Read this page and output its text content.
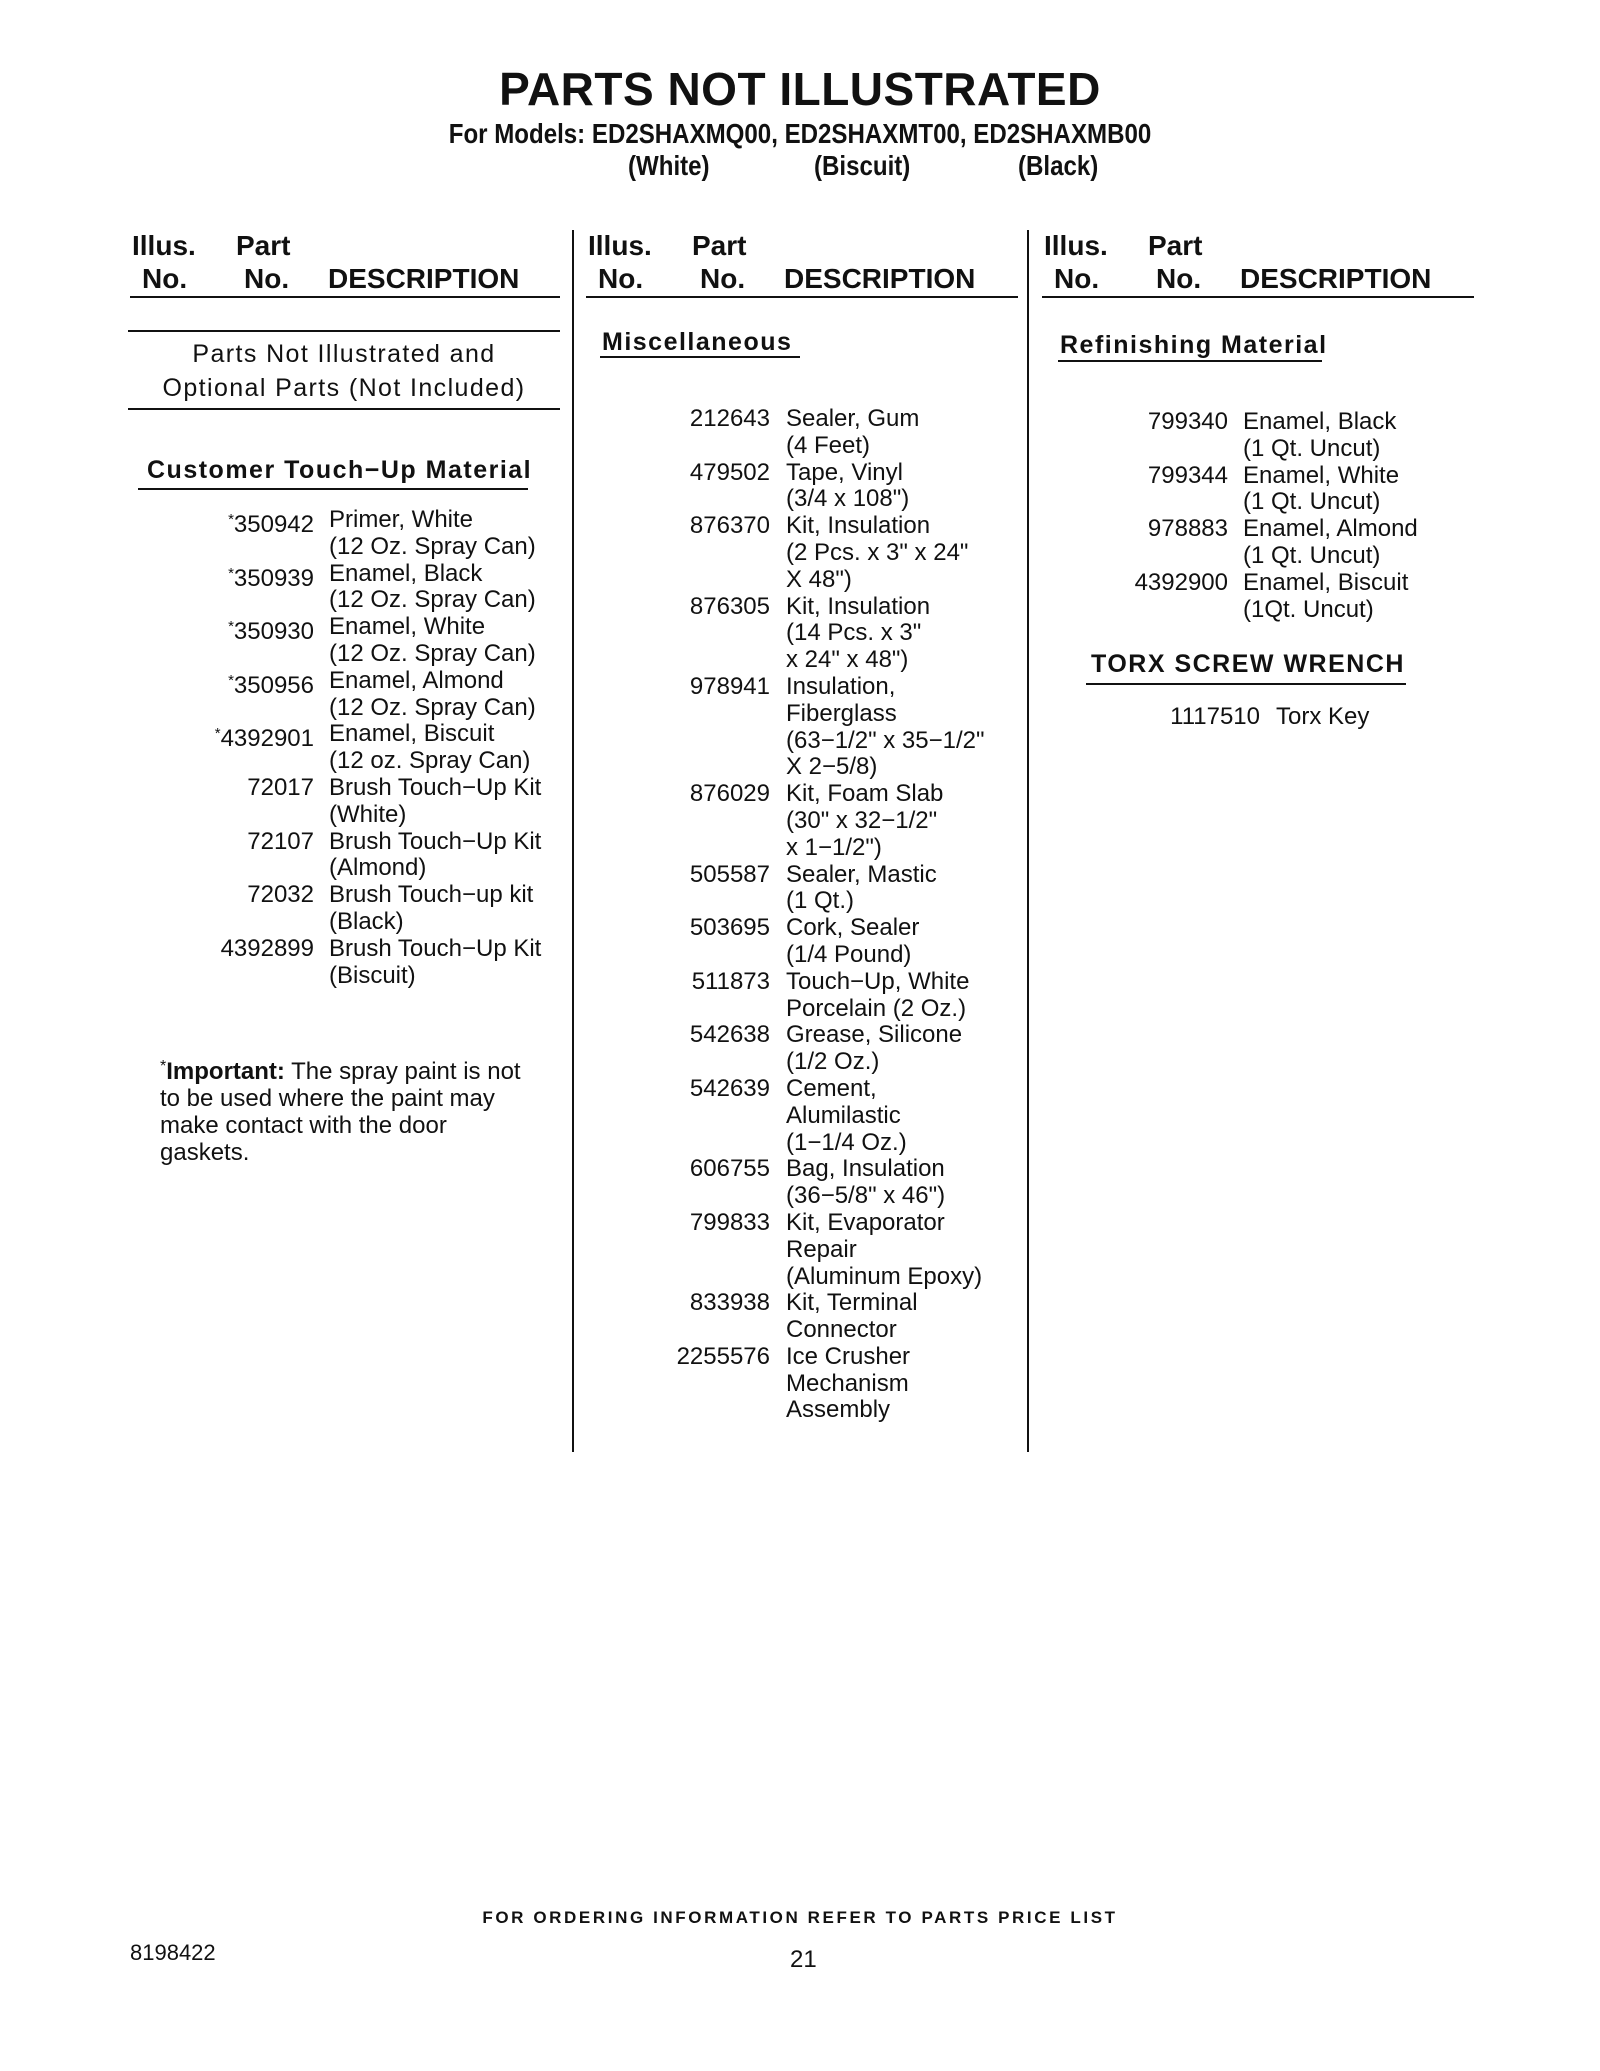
PARTS NOT ILLUSTRATED
For Models: ED2SHAXMQ00, ED2SHAXMT00, ED2SHAXMB00
(White)	(Biscuit)	(Black)
Illus. Part
No. No. DESCRIPTION
Illus. Part
No. No. DESCRIPTION
Illus. Part
No. No. DESCRIPTION
Parts Not Illustrated and
Optional Parts (Not Included)
Customer Touch−Up Material
*350942 Primer, White
(12 Oz. Spray Can)
*350939 Enamel, Black
(12 Oz. Spray Can)
*350930 Enamel, White
(12 Oz. Spray Can)
*350956 Enamel, Almond
(12 Oz. Spray Can)
*4392901 Enamel, Biscuit
(12 oz. Spray Can)
72017 Brush Touch−Up Kit
(White)
72107 Brush Touch−Up Kit
(Almond)
72032 Brush Touch−up kit
(Black)
4392899 Brush Touch−Up Kit
(Biscuit)
*Important: The spray paint is not to be used where the paint may make contact with the door gaskets.
Miscellaneous
212643 Sealer, Gum
(4 Feet)
479502 Tape, Vinyl
(3/4 x 108")
876370 Kit, Insulation
(2 Pcs. x 3" x 24"
X 48")
876305 Kit, Insulation
(14 Pcs. x 3"
x 24" x 48")
978941 Insulation,
Fiberglass
(63−1/2" x 35−1/2"
X 2−5/8)
876029 Kit, Foam Slab
(30" x 32−1/2"
x 1−1/2")
505587 Sealer, Mastic
(1 Qt.)
503695 Cork, Sealer
(1/4 Pound)
511873 Touch−Up, White
Porcelain (2 Oz.)
542638 Grease, Silicone
(1/2 Oz.)
542639 Cement,
Alumilastic
(1−1/4 Oz.)
606755 Bag, Insulation
(36−5/8" x 46")
799833 Kit, Evaporator
Repair
(Aluminum Epoxy)
833938 Kit, Terminal
Connector
2255576 Ice Crusher
Mechanism
Assembly
Refinishing Material
799340 Enamel, Black
(1 Qt. Uncut)
799344 Enamel, White
(1 Qt. Uncut)
978883 Enamel, Almond
(1 Qt. Uncut)
4392900 Enamel, Biscuit
(1Qt. Uncut)
TORX SCREW WRENCH
1117510 Torx Key
FOR ORDERING INFORMATION REFER TO PARTS PRICE LIST
8198422	21
